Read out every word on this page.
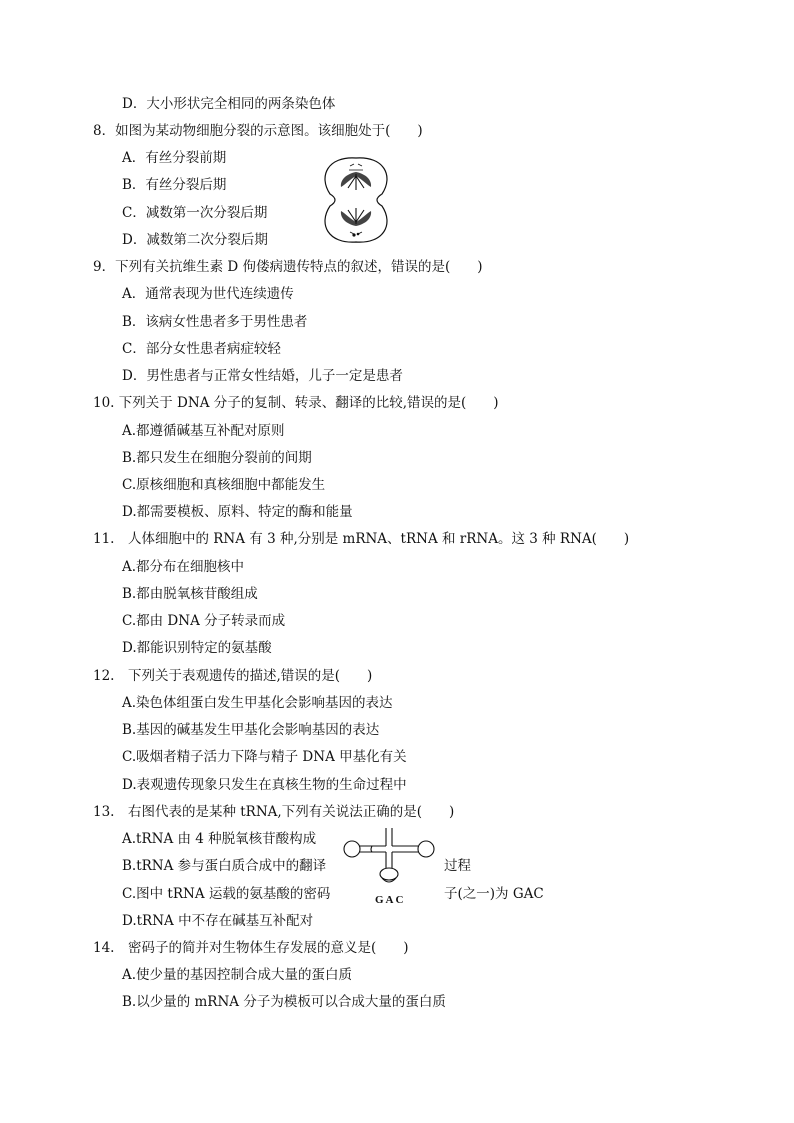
D．大小形状完全相同的两条染色体
8．如图为某动物细胞分裂的示意图。该细胞处于(　　)
A．有丝分裂前期
B．有丝分裂后期
C．减数第一次分裂后期
D．减数第二次分裂后期
9．下列有关抗维生素 D 佝偻病遗传特点的叙述，错误的是(　　)
A．通常表现为世代连续遗传
B．该病女性患者多于男性患者
C．部分女性患者病症较轻
D．男性患者与正常女性结婚，儿子一定是患者
10. 下列关于 DNA 分子的复制、转录、翻译的比较,错误的是(　　)
A.都遵循碱基互补配对原则
B.都只发生在细胞分裂前的间期
C.原核细胞和真核细胞中都能发生
D.都需要模板、原料、特定的酶和能量
11.　人体细胞中的 RNA 有 3 种,分别是 mRNA、tRNA 和 rRNA。这 3 种 RNA(　　)
A.都分布在细胞核中
B.都由脱氧核苷酸组成
C.都由 DNA 分子转录而成
D.都能识别特定的氨基酸
12.　下列关于表观遗传的描述,错误的是(　　)
A.染色体组蛋白发生甲基化会影响基因的表达
B.基因的碱基发生甲基化会影响基因的表达
C.吸烟者精子活力下降与精子 DNA 甲基化有关
D.表观遗传现象只发生在真核生物的生命过程中
13.　右图代表的是某种 tRNA,下列有关说法正确的是(　　)
A.tRNA 由 4 种脱氧核苷酸构成
B.tRNA 参与蛋白质合成中的翻译	过程
C.图中 tRNA 运载的氨基酸的密码	子(之一)为 GAC
D.tRNA 中不存在碱基互补配对
GAC
14.　密码子的简并对生物体生存发展的意义是(　　)
A.使少量的基因控制合成大量的蛋白质
B.以少量的 mRNA 分子为模板可以合成大量的蛋白质
